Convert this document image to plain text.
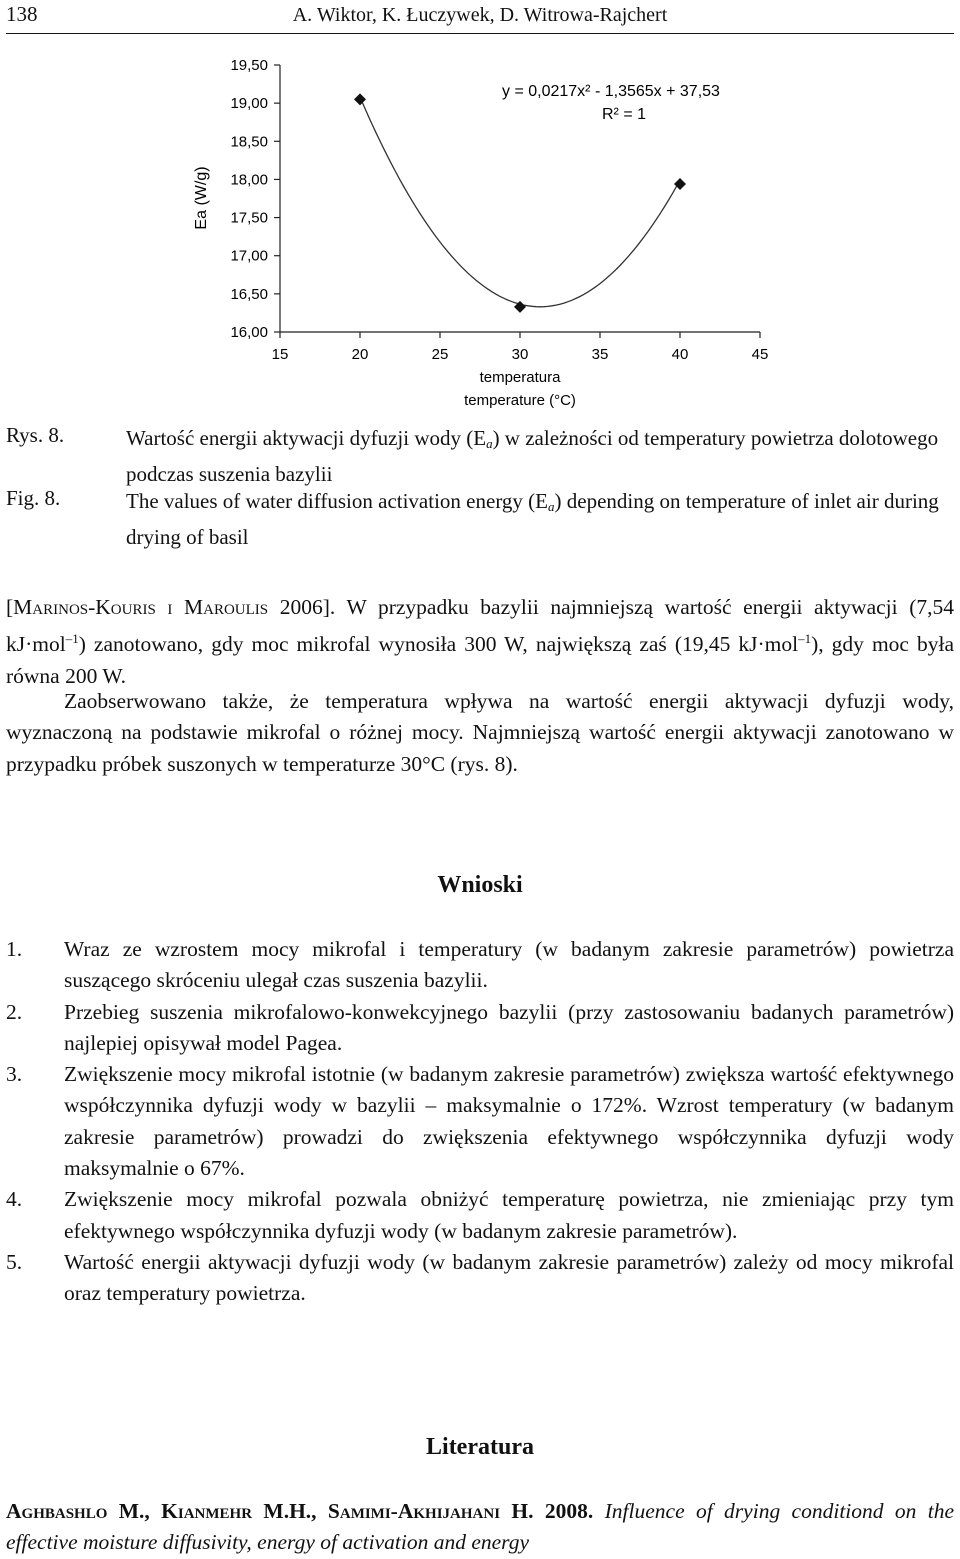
138	A. Wiktor, K. Łuczywek, D. Witrowa-Rajchert
16,00
16,50
17,00
17,50
18,00
18,50
19,00
19,50
15	20	25	30	35	40	45
Ea (W/g)
temperatura
temperature (°C)
y = 0,0217x² - 1,3565x + 37,53
R² = 1
Rys. 8.	Wartość energii aktywacji dyfuzji wody $(E_a)$ w zależności od temperatury powietrza dolotowego podczas suszenia bazylii
Fig. 8.	The values of water diffusion activation energy $(E_a)$ depending on temperature of inlet air during drying of basil
[Marinos-Kouris i Maroulis 2006]. W przypadku bazylii najmniejszą wartość energii aktywacji (7,54 kJ·mol$^{-1}$) zanotowano, gdy moc mikrofal wynosiła 300 W, największą zaś (19,45 kJ·mol$^{-1}$), gdy moc była równa 200 W.
Zaobserwowano także, że temperatura wpływa na wartość energii aktywacji dyfuzji wody, wyznaczoną na podstawie mikrofal o różnej mocy. Najmniejszą wartość energii aktywacji zanotowano w przypadku próbek suszonych w temperaturze 30°C (rys. 8).
Wnioski
1. Wraz ze wzrostem mocy mikrofal i temperatury (w badanym zakresie parametrów) powietrza suszącego skróceniu ulegał czas suszenia bazylii.
2. Przebieg suszenia mikrofalowo-konwekcyjnego bazylii (przy zastosowaniu badanych parametrów) najlepiej opisywał model Pagea.
3. Zwiększenie mocy mikrofal istotnie (w badanym zakresie parametrów) zwiększa wartość efektywnego współczynnika dyfuzji wody w bazylii – maksymalnie o 172%. Wzrost temperatury (w badanym zakresie parametrów) prowadzi do zwiększenia efektywnego współczynnika dyfuzji wody maksymalnie o 67%.
4. Zwiększenie mocy mikrofal pozwala obniżyć temperaturę powietrza, nie zmieniając przy tym efektywnego współczynnika dyfuzji wody (w badanym zakresie parametrów).
5. Wartość energii aktywacji dyfuzji wody (w badanym zakresie parametrów) zależy od mocy mikrofal oraz temperatury powietrza.
Literatura
Aghbashlo M., Kianmehr M.H., Samimi-Akhijahani H. 2008. Influence of drying conditiond on the effective moisture diffusivity, energy of activation and energy
